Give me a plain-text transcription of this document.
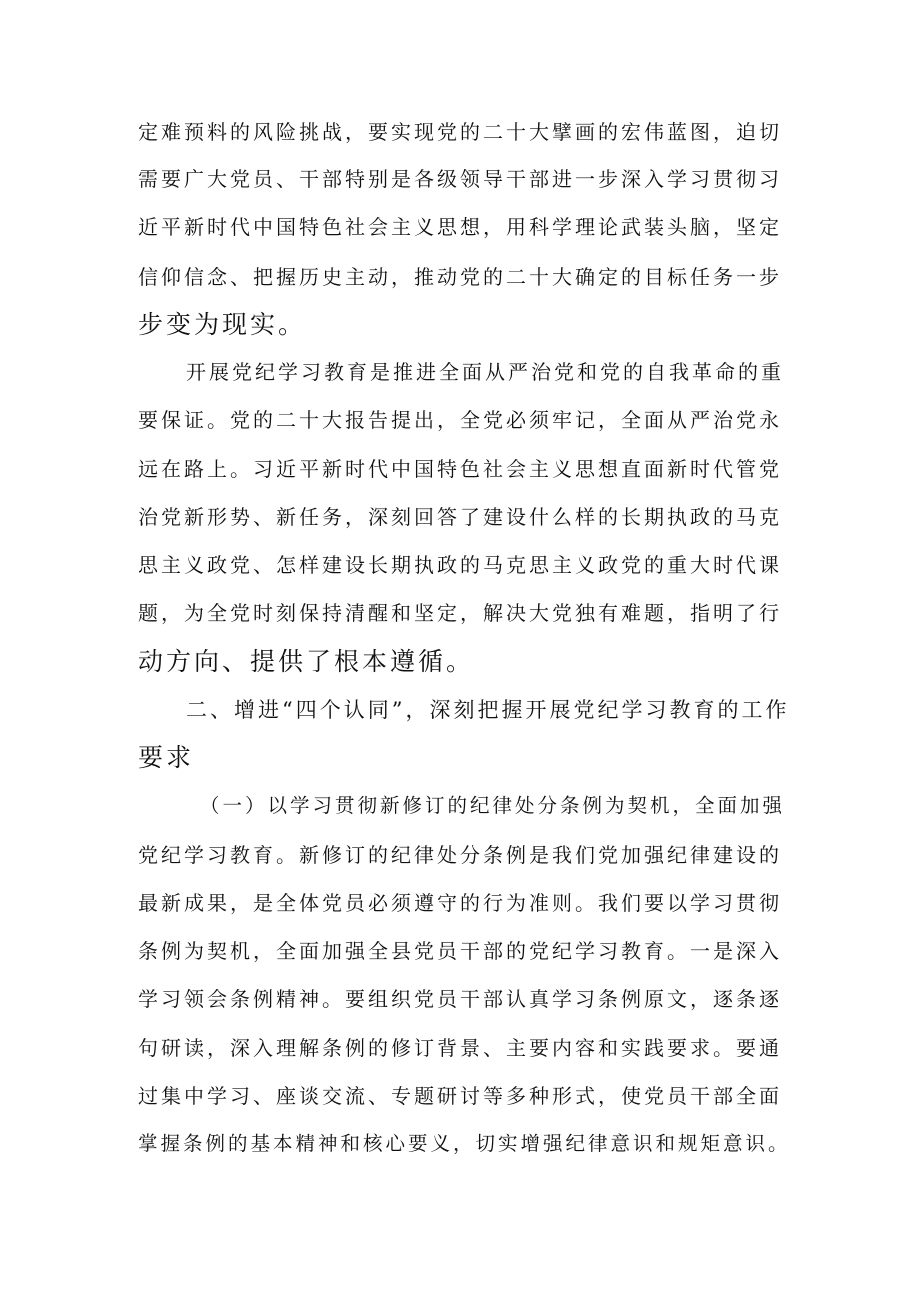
定难预料的风险挑战，要实现党的二十大擘画的宏伟蓝图，迫切
需要广大党员、干部特别是各级领导干部进一步深入学习贯彻习
近平新时代中国特色社会主义思想，用科学理论武装头脑，坚定
信仰信念、把握历史主动，推动党的二十大确定的目标任务一步
步变为现实。
开展党纪学习教育是推进全面从严治党和党的自我革命的重
要保证。党的二十大报告提出，全党必须牢记，全面从严治党永
远在路上。习近平新时代中国特色社会主义思想直面新时代管党
治党新形势、新任务，深刻回答了建设什么样的长期执政的马克
思主义政党、怎样建设长期执政的马克思主义政党的重大时代课
题，为全党时刻保持清醒和坚定，解决大党独有难题，指明了行
动方向、提供了根本遵循。
二、增进“四个认同”，深刻把握开展党纪学习教育的工作
要求
（一）以学习贯彻新修订的纪律处分条例为契机，全面加强
党纪学习教育。新修订的纪律处分条例是我们党加强纪律建设的
最新成果，是全体党员必须遵守的行为准则。我们要以学习贯彻
条例为契机，全面加强全县党员干部的党纪学习教育。一是深入
学习领会条例精神。要组织党员干部认真学习条例原文，逐条逐
句研读，深入理解条例的修订背景、主要内容和实践要求。要通
过集中学习、座谈交流、专题研讨等多种形式，使党员干部全面
掌握条例的基本精神和核心要义，切实增强纪律意识和规矩意识。
